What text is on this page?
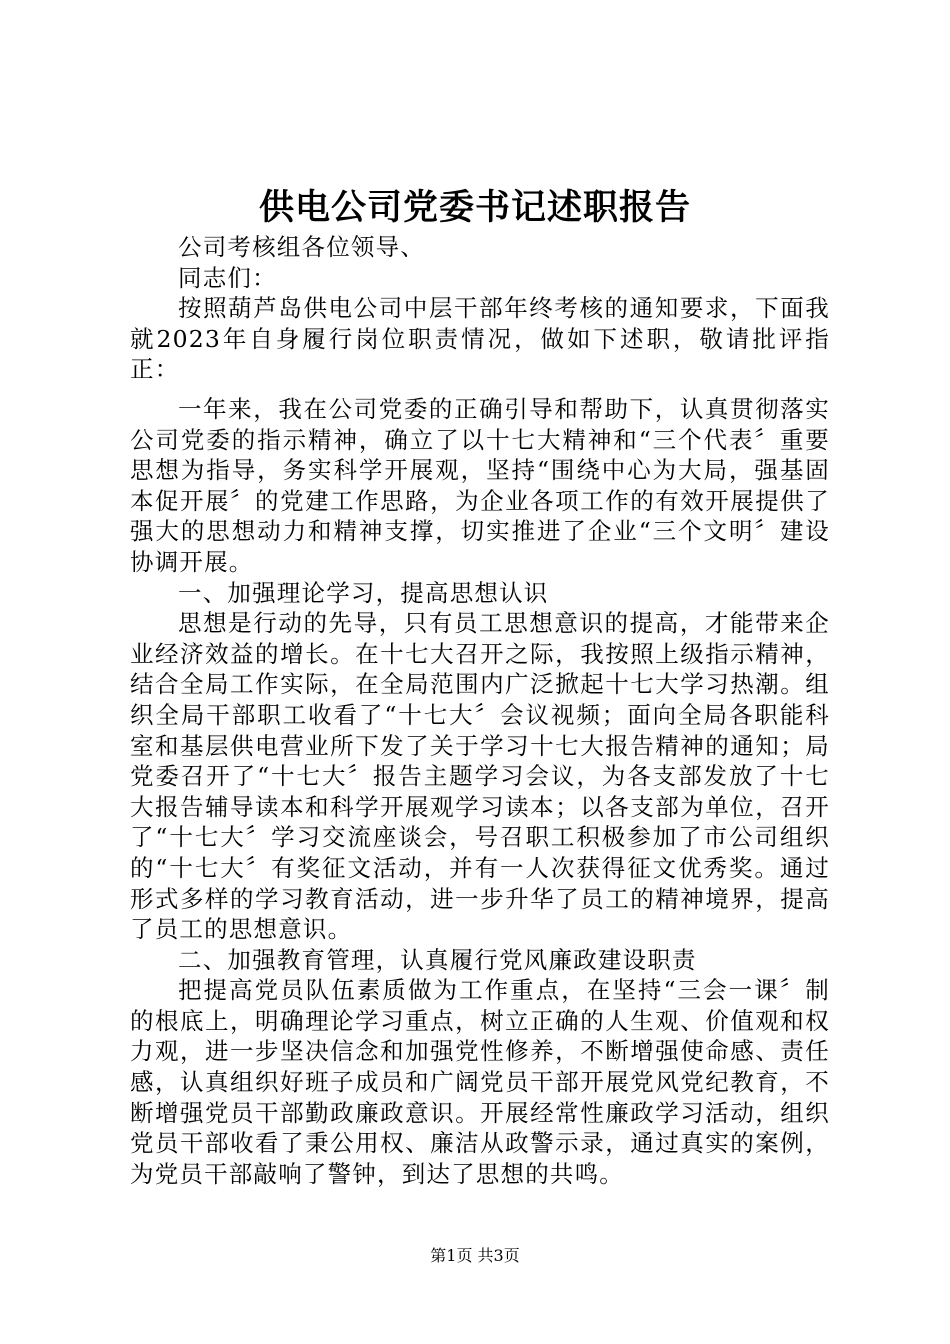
供电公司党委书记述职报告

公司考核组各位领导、

同志们：

按照葫芦岛供电公司中层干部年终考核的通知要求，下面我就2023年自身履行岗位职责情况，做如下述职，敬请批评指正：

一年来，我在公司党委的正确引导和帮助下，认真贯彻落实公司党委的指示精神，确立了以十七大精神和“三个代表〞重要思想为指导，务实科学开展观，坚持“围绕中心为大局，强基固本促开展〞的党建工作思路，为企业各项工作的有效开展提供了强大的思想动力和精神支撑，切实推进了企业“三个文明〞建设协调开展。

一、加强理论学习，提高思想认识

思想是行动的先导，只有员工思想意识的提高，才能带来企业经济效益的增长。在十七大召开之际，我按照上级指示精神，结合全局工作实际，在全局范围内广泛掀起十七大学习热潮。组织全局干部职工收看了“十七大〞会议视频；面向全局各职能科室和基层供电营业所下发了关于学习十七大报告精神的通知；局党委召开了“十七大〞报告主题学习会议，为各支部发放了十七大报告辅导读本和科学开展观学习读本；以各支部为单位，召开了“十七大〞学习交流座谈会，号召职工积极参加了市公司组织的“十七大〞有奖征文活动，并有一人次获得征文优秀奖。通过形式多样的学习教育活动，进一步升华了员工的精神境界，提高了员工的思想意识。

二、加强教育管理，认真履行党风廉政建设职责

把提高党员队伍素质做为工作重点，在坚持“三会一课〞制的根底上，明确理论学习重点，树立正确的人生观、价值观和权力观，进一步坚决信念和加强党性修养，不断增强使命感、责任感，认真组织好班子成员和广阔党员干部开展党风党纪教育，不断增强党员干部勤政廉政意识。开展经常性廉政学习活动，组织党员干部收看了秉公用权、廉洁从政警示录，通过真实的案例，为党员干部敲响了警钟，到达了思想的共鸣。

第1页 共3页
